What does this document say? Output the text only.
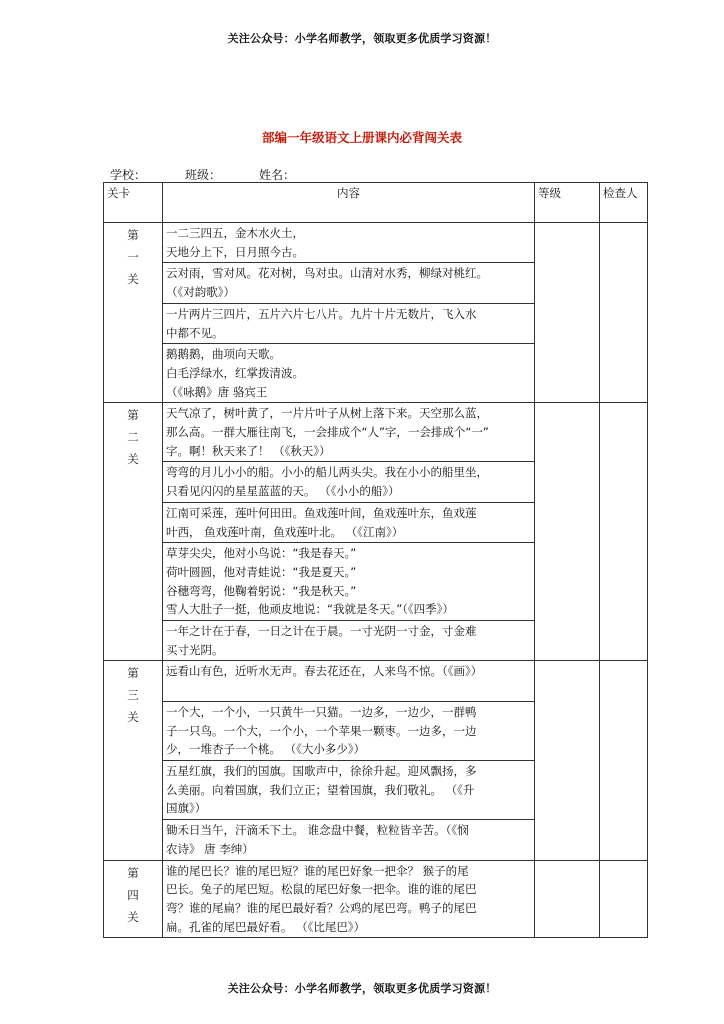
关注公众号：小学名师教学，领取更多优质学习资源！
部编一年级语文上册课内必背闯关表
学校：	班级：	姓名：
关卡	内容	等级	检查人
第一关	一二三四五，金木水火土，
天地分上下，日月照今古。		

	云对雨，雪对风。花对树，鸟对虫。山清对水秀，柳绿对桃红。
（《对韵歌》）		

	一片两片三四片，五片六片七八片。九片十片无数片，飞入水
中都不见。		

	鹅鹅鹅，曲项向天歌。
白毛浮绿水，红掌拨清波。
（《咏鹅》唐 骆宾王		

第二关	天气凉了，树叶黄了，一片片叶子从树上落下来。天空那么蓝，
那么高。一群大雁往南飞，一会排成个“人”字，一会排成个“一”
字。啊！秋天来了！ （《秋天》）		

	弯弯的月儿小小的船。小小的船儿两头尖。我在小小的船里坐，
只看见闪闪的星星蓝蓝的天。 （《小小的船》）		

	江南可采莲，莲叶何田田。鱼戏莲叶间，鱼戏莲叶东，鱼戏莲
叶西， 鱼戏莲叶南，鱼戏莲叶北。 （《江南》）		

	草芽尖尖，他对小鸟说：“我是春天。”
荷叶圆圆，他对青蛙说：“我是夏天。”
谷穗弯弯，他鞠着躬说：“我是秋天。”
雪人大肚子一挺，他顽皮地说：“我就是冬天。”（《四季》）		

	一年之计在于春，一日之计在于晨。一寸光阴一寸金，寸金难
买寸光阴。		

第三关	远看山有色，近听水无声。春去花还在，人来鸟不惊。（《画》）		

	一个大，一个小，一只黄牛一只猫。一边多，一边少，一群鸭
子一只鸟。一个大，一个小，一个苹果一颗枣。一边多，一边
少，一堆杏子一个桃。 （《大小多少》）		

	五星红旗，我们的国旗。国歌声中，徐徐升起。迎风飘扬，多
么美丽。向着国旗，我们立正；望着国旗，我们敬礼。 （《升
国旗》）		

	锄禾日当午，汗滴禾下土。 谁念盘中餐，粒粒皆辛苦。（《悯
农诗》 唐 李绅）		

第四关	谁的尾巴长？谁的尾巴短？谁的尾巴好象一把伞？ 猴子的尾
巴长。兔子的尾巴短。松鼠的尾巴好象一把伞。谁的谁的尾巴
弯？谁的尾扁？谁的尾巴最好看？公鸡的尾巴弯。鸭子的尾巴
扁。孔雀的尾巴最好看。 （《比尾巴》）		

关注公众号：小学名师教学，领取更多优质学习资源！
